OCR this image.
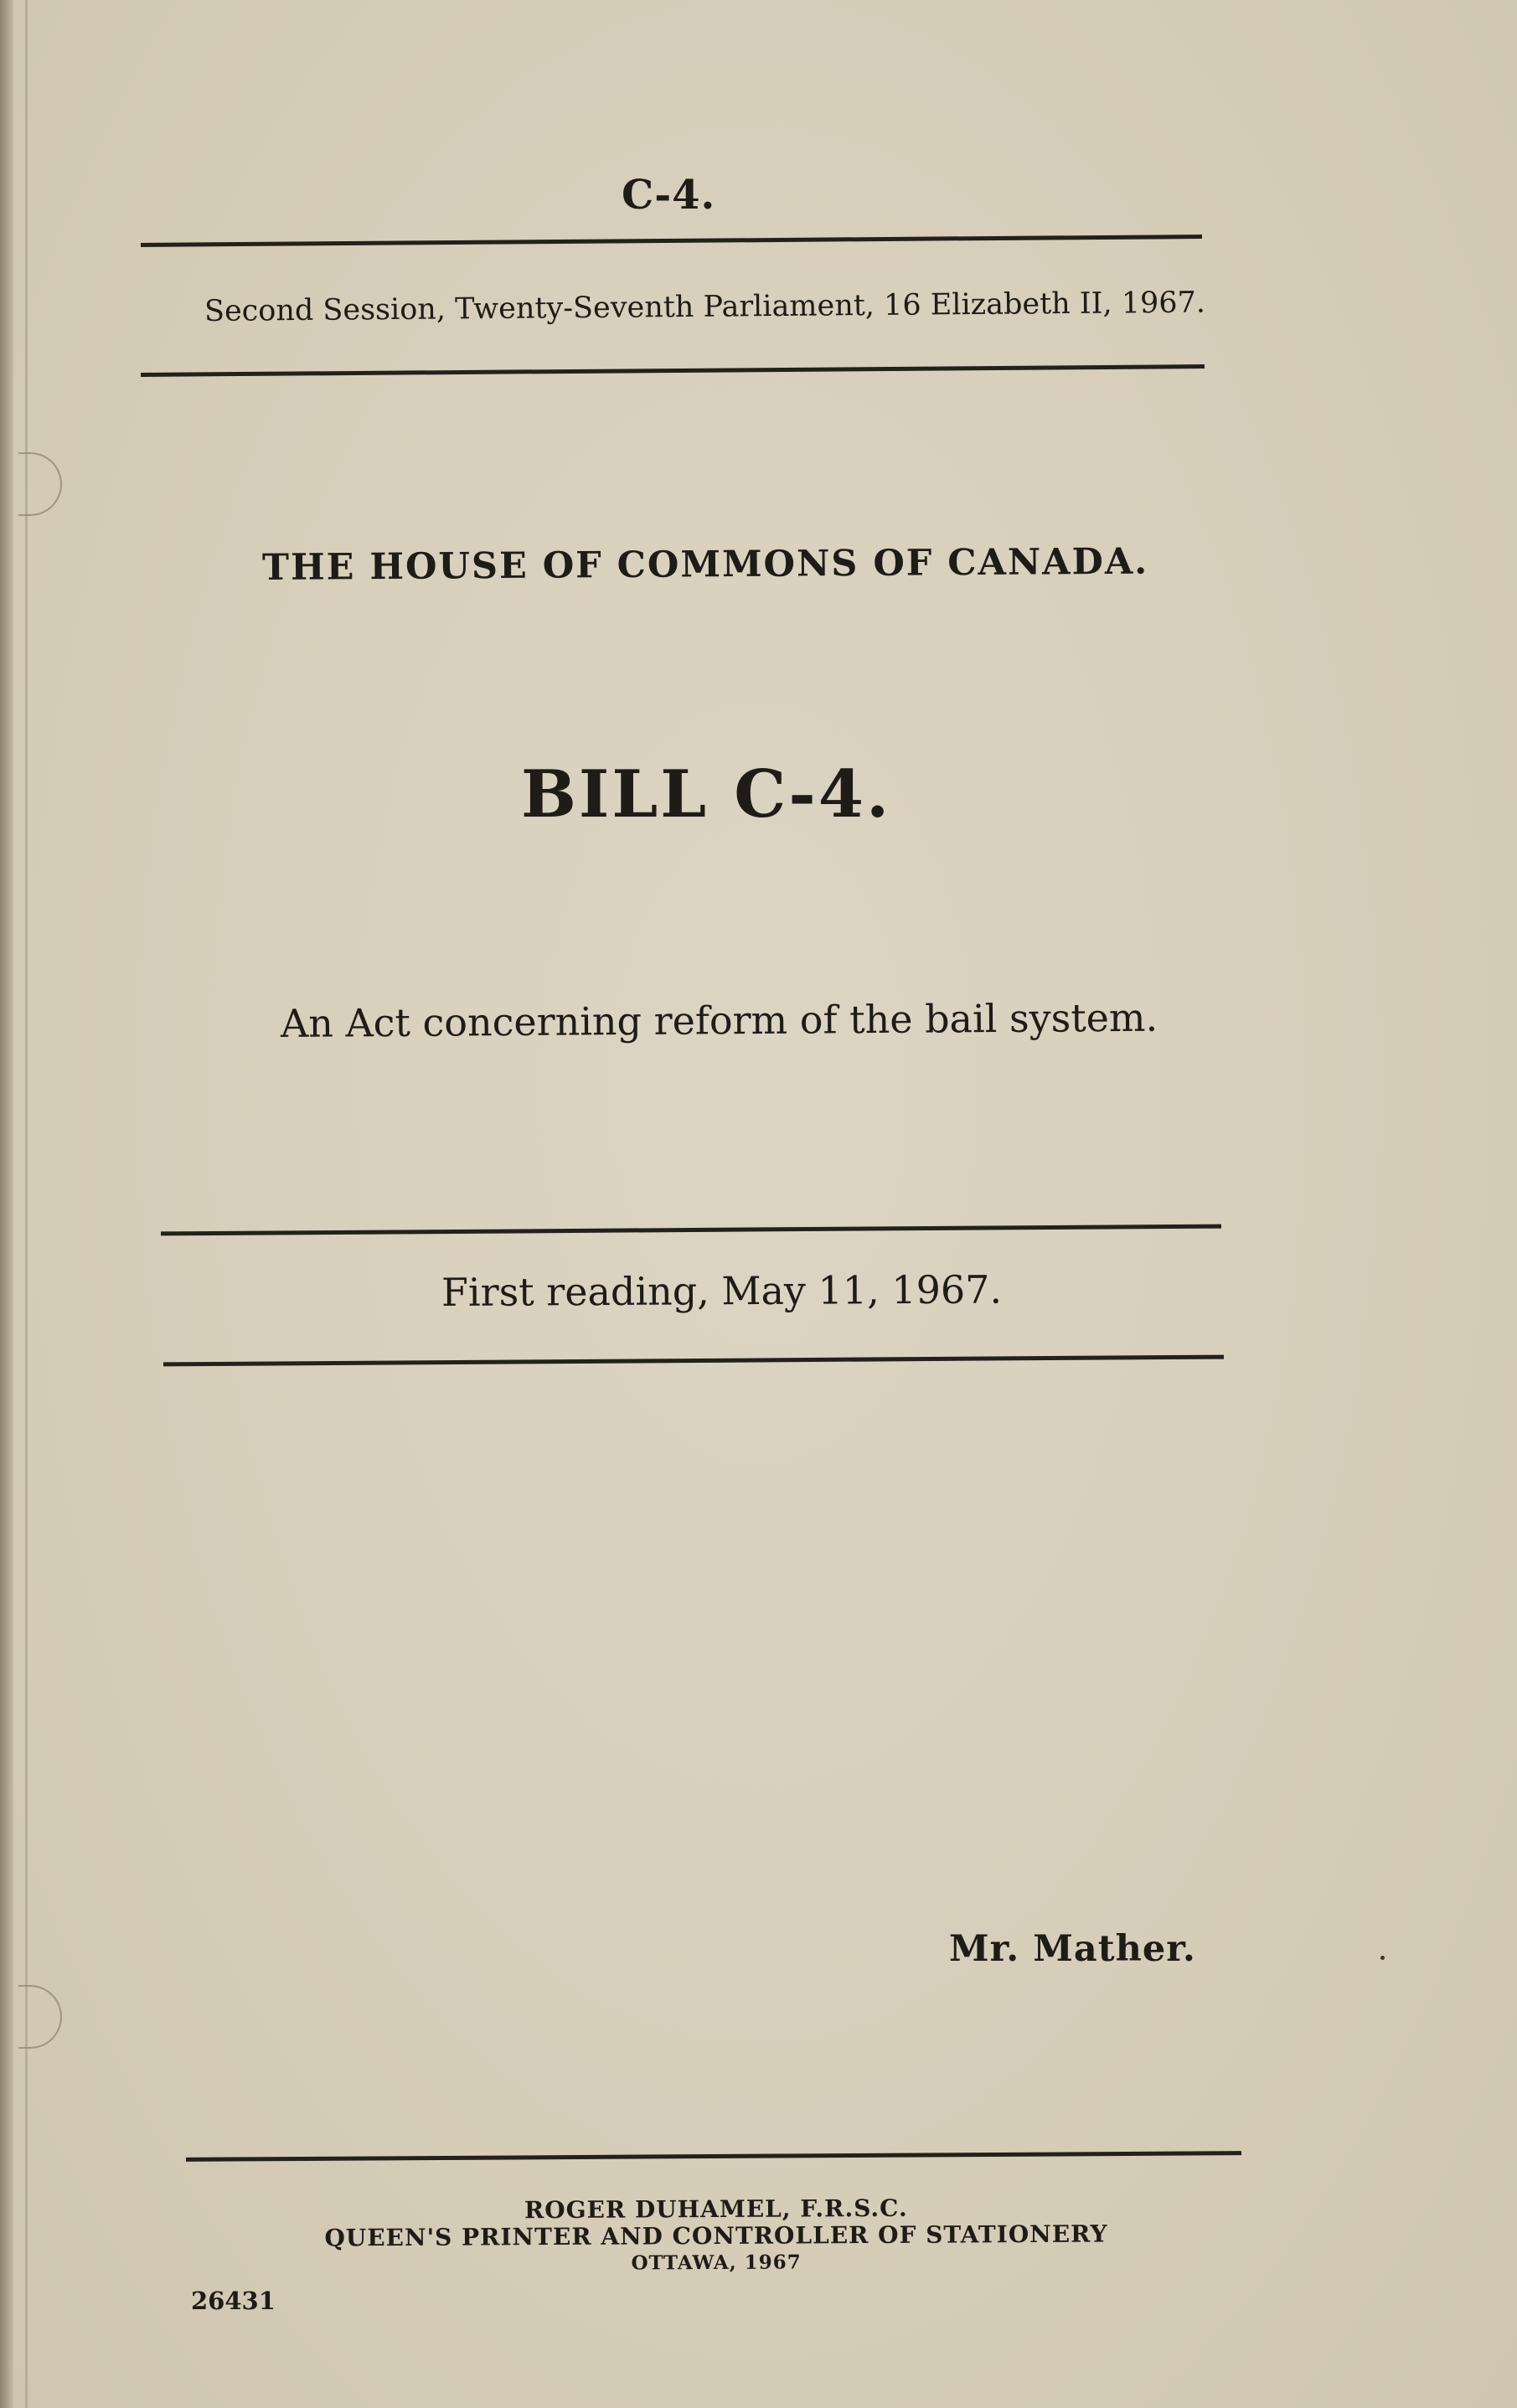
C-4.
Second Session, Twenty-Seventh Parliament, 16 Elizabeth II, 1967.
THE HOUSE OF COMMONS OF CANADA.
BILL C-4.
An Act concerning reform of the bail system.
First reading, May 11, 1967.
Mr. Mather.
ROGER DUHAMEL, F.R.S.C.
QUEEN'S PRINTER AND CONTROLLER OF STATIONERY
OTTAWA, 1967
26431
